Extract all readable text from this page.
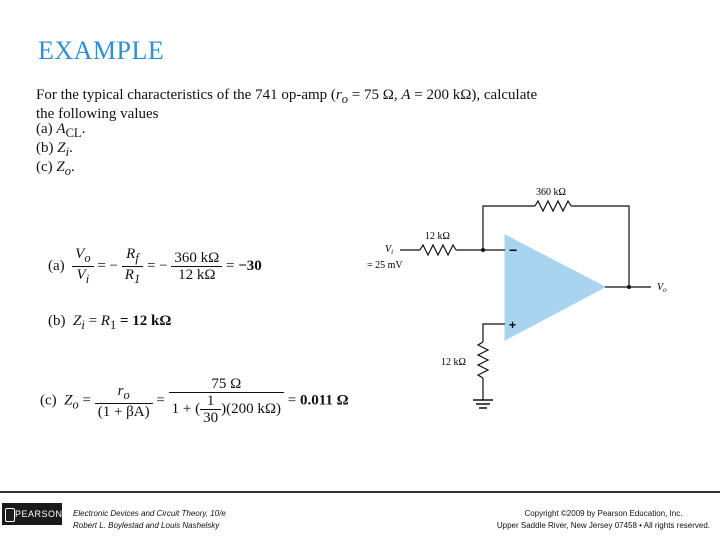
EXAMPLE
For the typical characteristics of the 741 op-amp ($r_o = 75$ Ω, A = 200 kΩ), calculate
the following values
(a) $A_{CL}$.
(b) $Z_i$.
(c) $Z_o$.
$(a) \frac{V_o}{V_i}$ = − $\frac{R_f}{R_1}$ = − $\frac{360 k\Omega}{12 k\Omega} = -30$
(b) $Z_i = R_1 = 12$ kΩ
(c) $Z_o = \frac{r_o}{(1 + \beta A)} = \frac{75 \Omega}{1 + ( \frac{1}{30} )(200 k\Omega)} = 0.011$ Ω
360 kΩ
12 kΩ
$V_i$
= 25 mV
−
+
12 kΩ
$V_o$
PEARSON Electronic Devices and Circuit Theory, 10/e
Robert L. Boylestad and Louis Nashelsky
Copyright ©2009 by Pearson Education, Inc.
Upper Saddle River, New Jersey 07458 • All rights reserved.
